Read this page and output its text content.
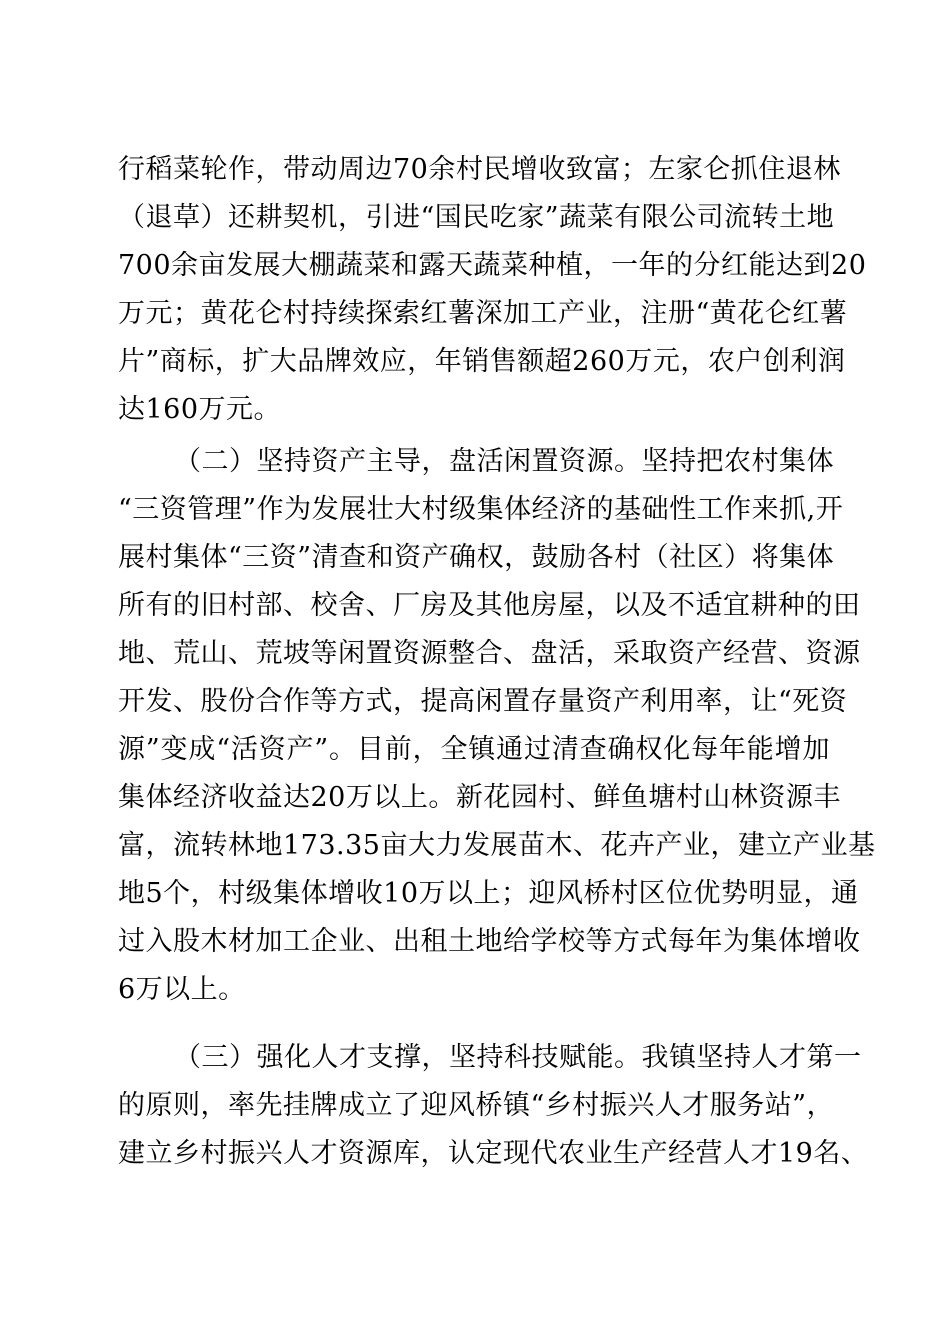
行稻菜轮作，带动周边70余村民增收致富；左家仑抓住退林
（退草）还耕契机，引进“国民吃家”蔬菜有限公司流转土地
700余亩发展大棚蔬菜和露天蔬菜种植，一年的分红能达到20
万元；黄花仑村持续探索红薯深加工产业，注册“黄花仑红薯
片”商标，扩大品牌效应，年销售额超260万元，农户创利润
达160万元。
（二）坚持资产主导，盘活闲置资源。坚持把农村集体
“三资管理”作为发展壮大村级集体经济的基础性工作来抓,开
展村集体“三资”清查和资产确权，鼓励各村（社区）将集体
所有的旧村部、校舍、厂房及其他房屋，以及不适宜耕种的田
地、荒山、荒坡等闲置资源整合、盘活，采取资产经营、资源
开发、股份合作等方式，提高闲置存量资产利用率，让“死资
源”变成“活资产”。目前，全镇通过清查确权化每年能增加
集体经济收益达20万以上。新花园村、鲜鱼塘村山林资源丰
富，流转林地173.35亩大力发展苗木、花卉产业，建立产业基
地5个，村级集体增收10万以上；迎风桥村区位优势明显，通
过入股木材加工企业、出租土地给学校等方式每年为集体增收
6万以上。
（三）强化人才支撑，坚持科技赋能。我镇坚持人才第一
的原则，率先挂牌成立了迎风桥镇“乡村振兴人才服务站”，
建立乡村振兴人才资源库，认定现代农业生产经营人才19名、
